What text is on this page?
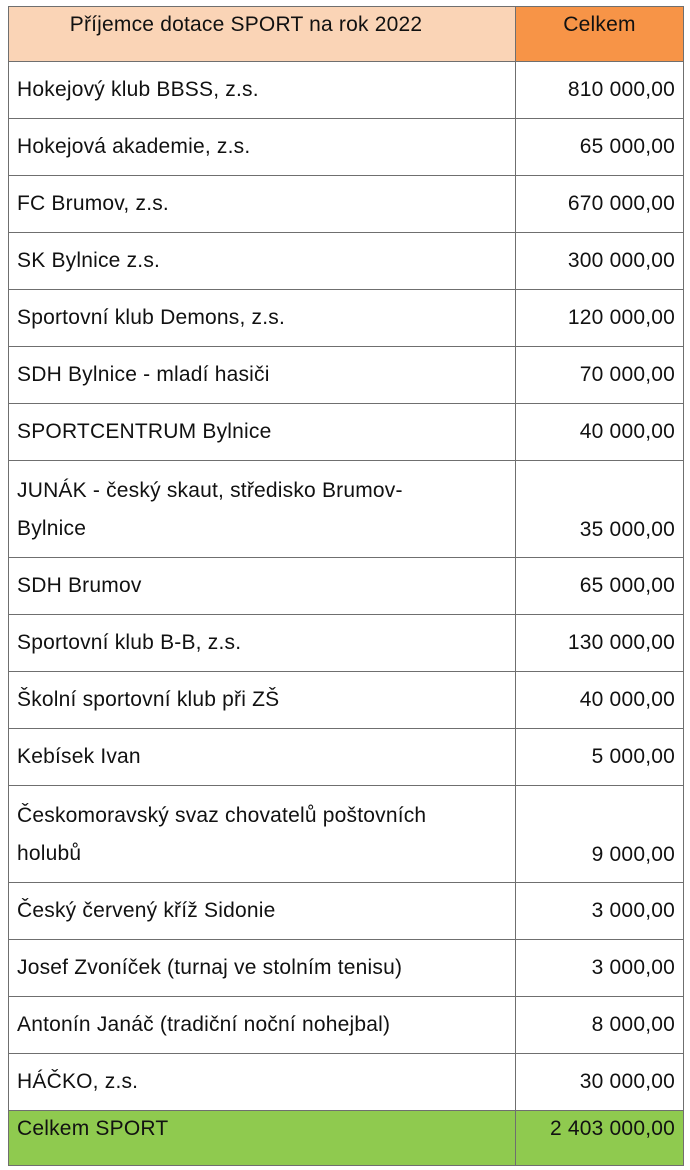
Příjemce dotace SPORT na rok 2022	Celkem
Hokejový klub BBSS, z.s.	810 000,00
Hokejová akademie, z.s.	65 000,00
FC Brumov, z.s.	670 000,00
SK Bylnice z.s.	300 000,00
Sportovní klub Demons, z.s.	120 000,00
SDH Bylnice - mladí hasiči	70 000,00
SPORTCENTRUM Bylnice	40 000,00
JUNÁK - český skaut, středisko Brumov-
Bylnice	35 000,00
SDH Brumov	65 000,00
Sportovní klub B-B, z.s.	130 000,00
Školní sportovní klub při ZŠ	40 000,00
Kebísek Ivan	5 000,00
Českomoravský svaz chovatelů poštovních
holubů	9 000,00
Český červený kříž Sidonie	3 000,00
Josef Zvoníček (turnaj ve stolním tenisu)	3 000,00
Antonín Janáč (tradiční noční nohejbal)	8 000,00
HÁČKO, z.s.	30 000,00
Celkem SPORT	2 403 000,00
